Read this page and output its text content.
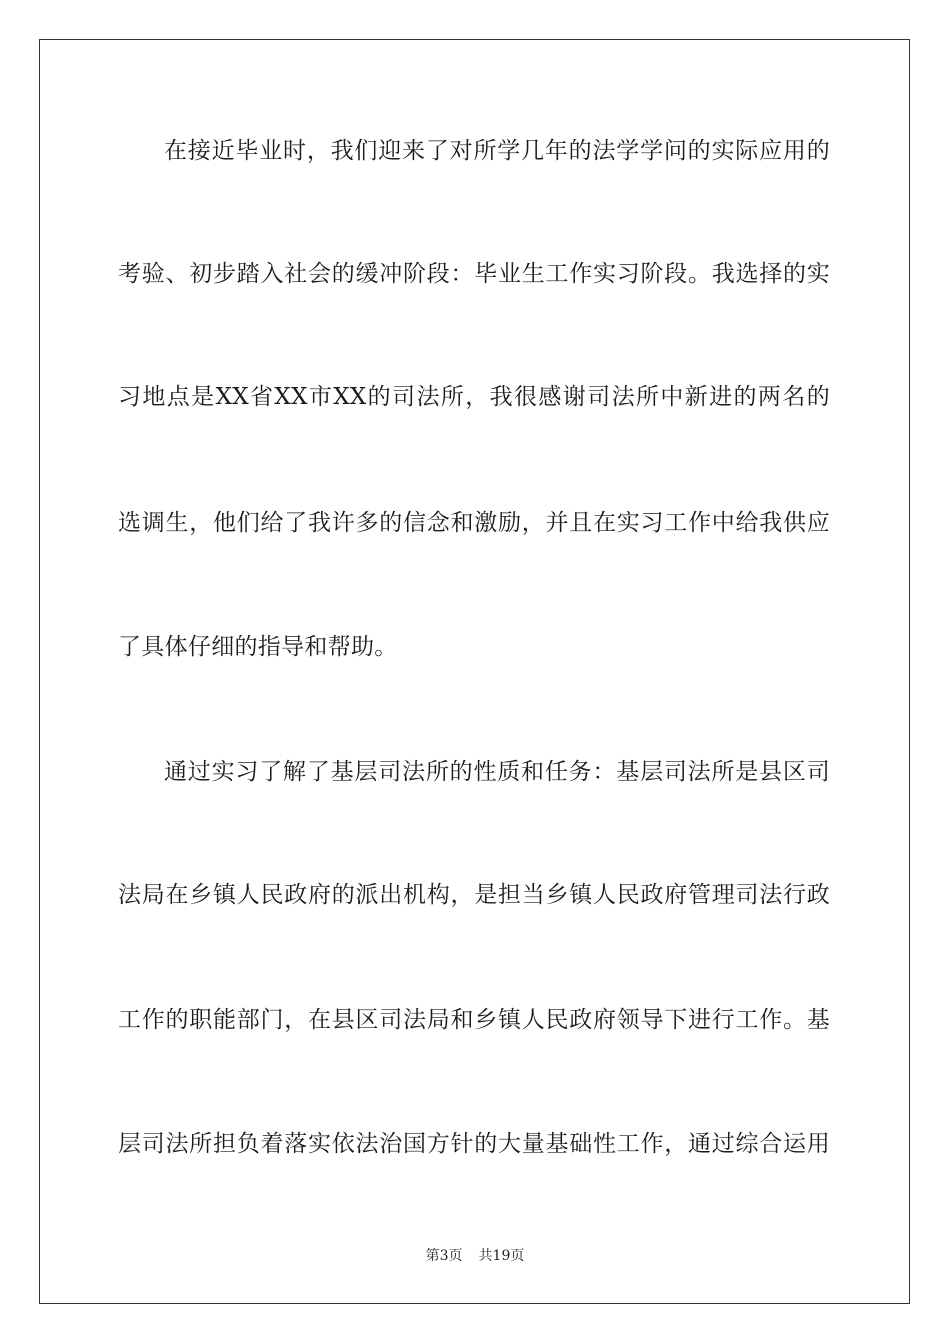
在接近毕业时，我们迎来了对所学几年的法学学问的实际应用的
考验、初步踏入社会的缓冲阶段：毕业生工作实习阶段。我选择的实
习地点是XX省XX市XX的司法所，我很感谢司法所中新进的两名的
选调生，他们给了我许多的信念和激励，并且在实习工作中给我供应
了具体仔细的指导和帮助。
通过实习了解了基层司法所的性质和任务：基层司法所是县区司
法局在乡镇人民政府的派出机构，是担当乡镇人民政府管理司法行政
工作的职能部门，在县区司法局和乡镇人民政府领导下进行工作。基
层司法所担负着落实依法治国方针的大量基础性工作，通过综合运用
第3页 共19页
